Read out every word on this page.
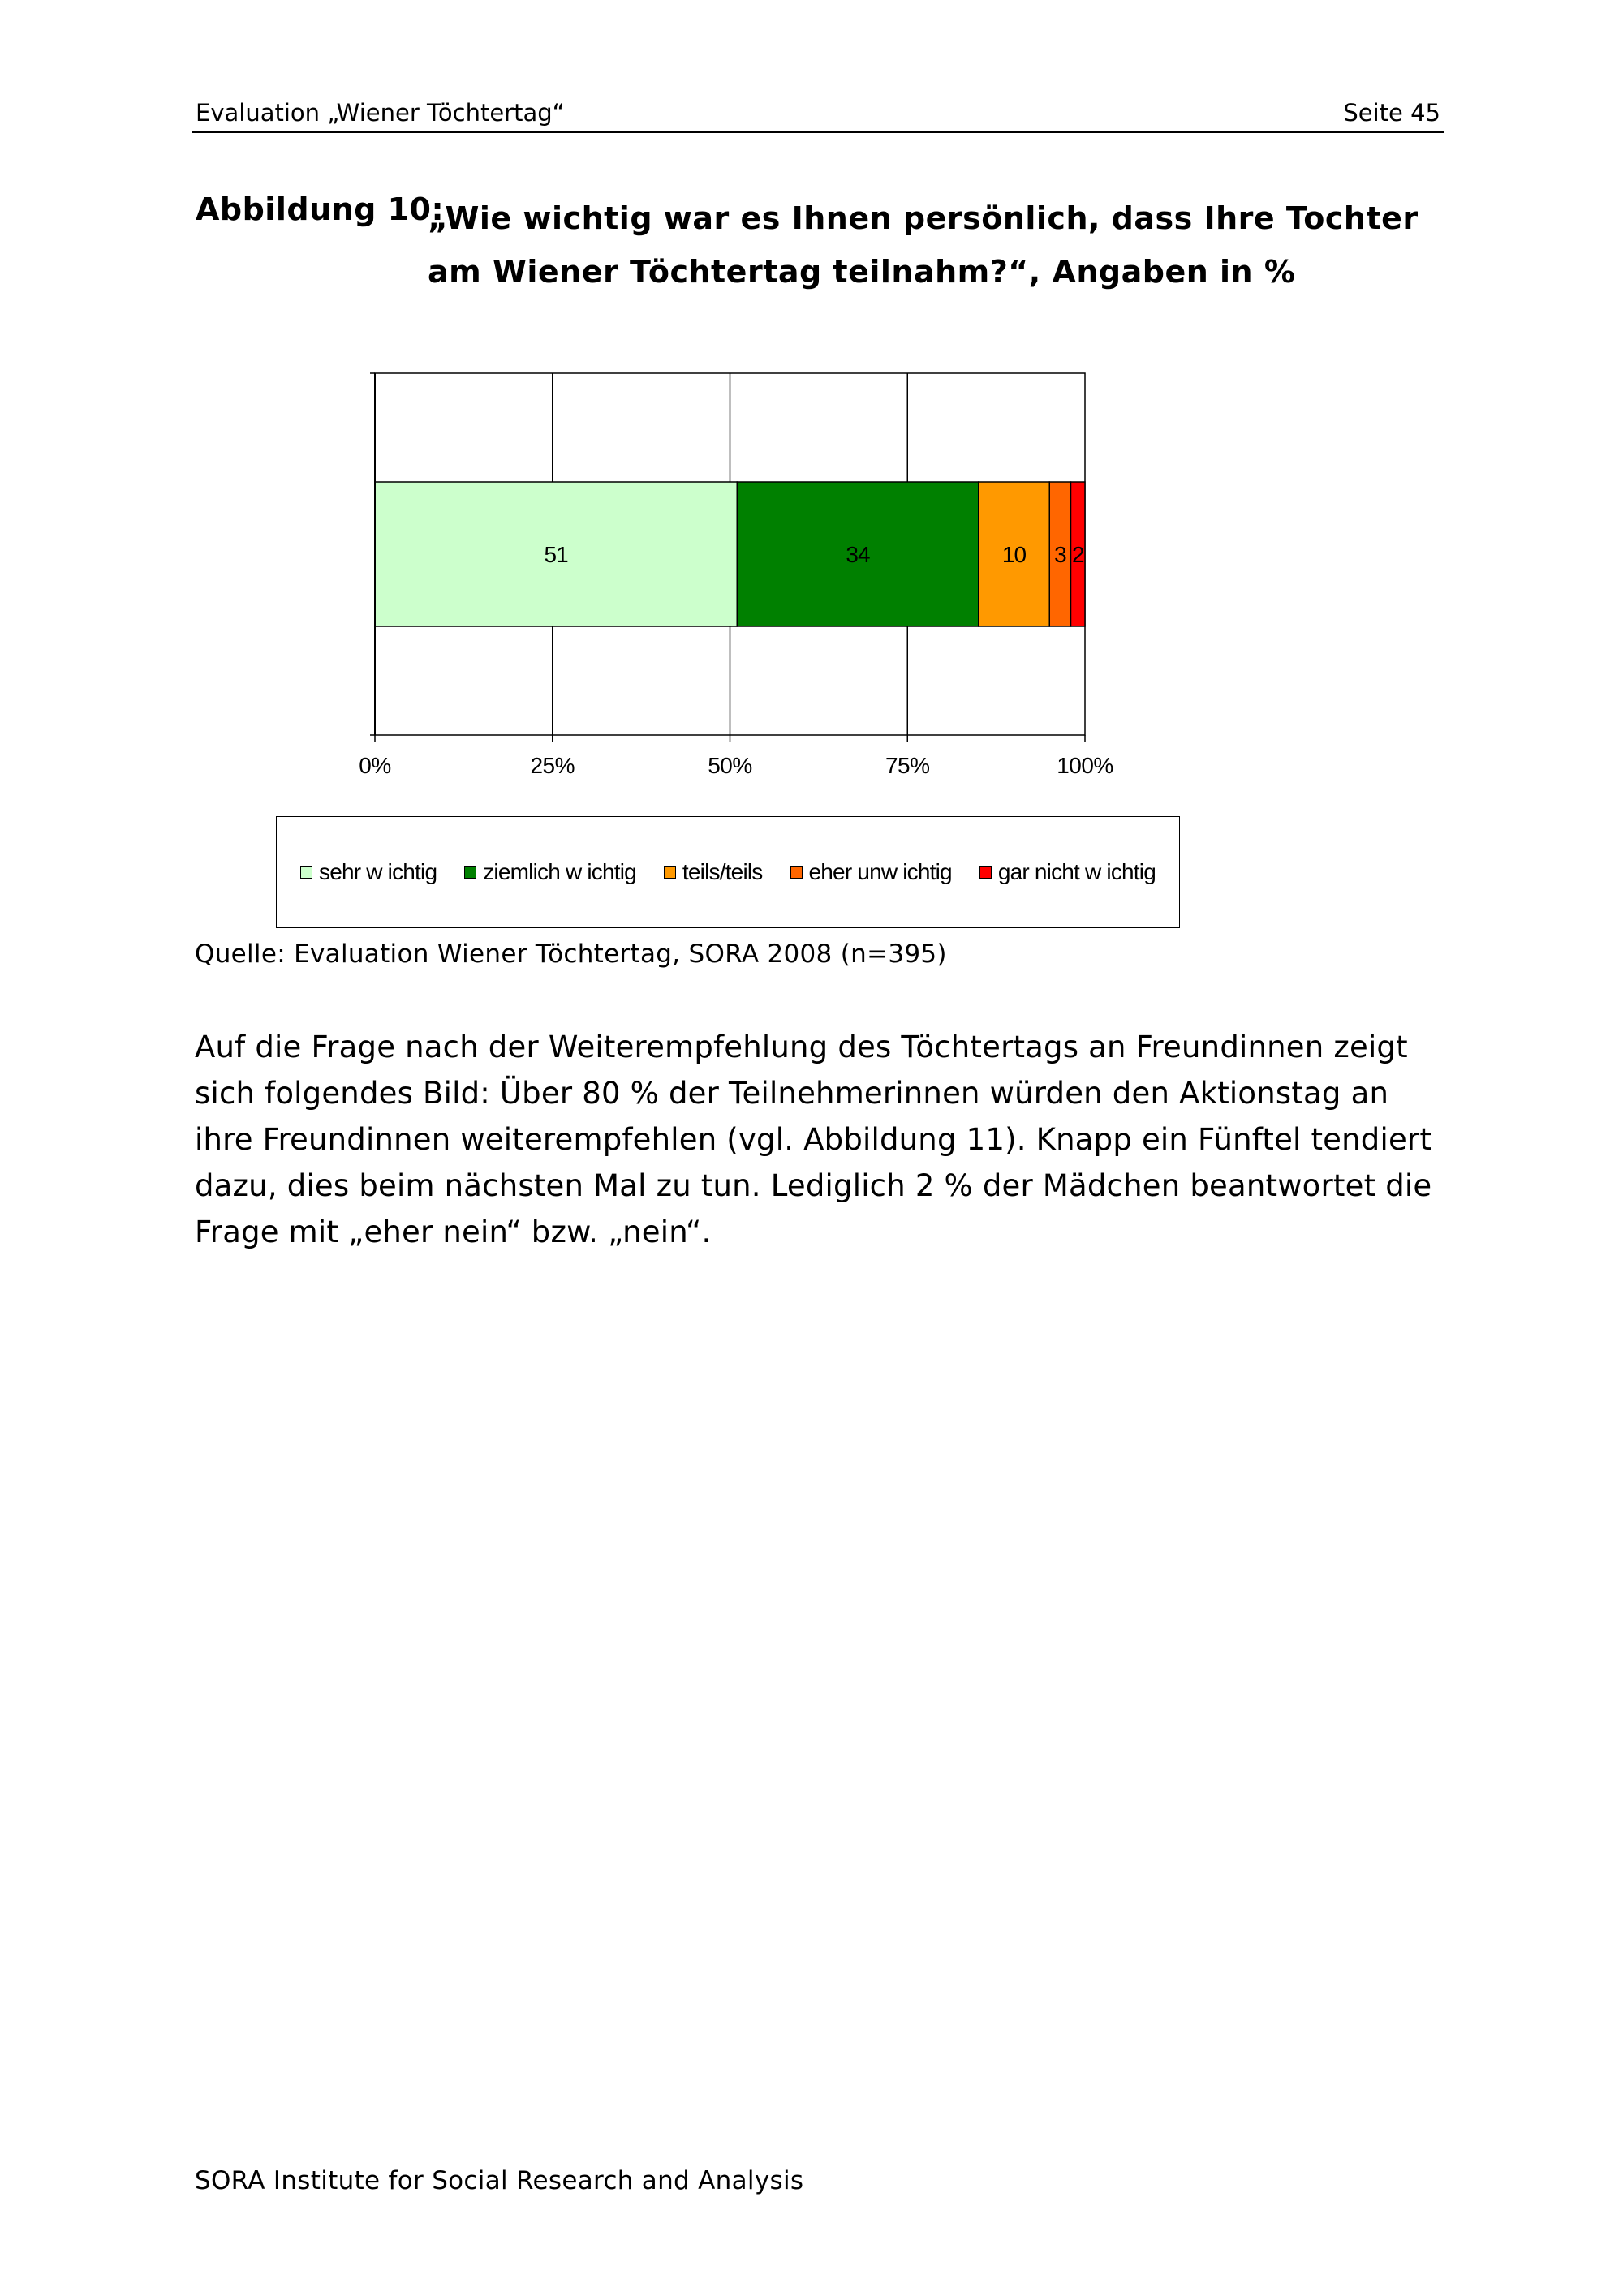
Evaluation „Wiener Töchtertag“	Seite 45
Abbildung 10:
„Wie wichtig war es Ihnen persönlich, dass Ihre Tochter am Wiener Töchtertag teilnahm?“, Angaben in %
51	34	10 3 2
0%	25%	50%	75%	100%
sehr w ichtig ziemlich w ichtig teils/teils eher unw ichtig gar nicht w ichtig
Quelle: Evaluation Wiener Töchtertag, SORA 2008 (n=395)

Auf die Frage nach der Weiterempfehlung des Töchtertags an Freundinnen zeigt sich folgendes Bild: Über 80 % der Teilnehmerinnen würden den Aktionstag an ihre Freundinnen weiterempfehlen (vgl. Abbildung 11). Knapp ein Fünftel tendiert dazu, dies beim nächsten Mal zu tun. Lediglich 2 % der Mädchen beantwortet die Frage mit „eher nein“ bzw. „nein“.

SORA Institute for Social Research and Analysis
